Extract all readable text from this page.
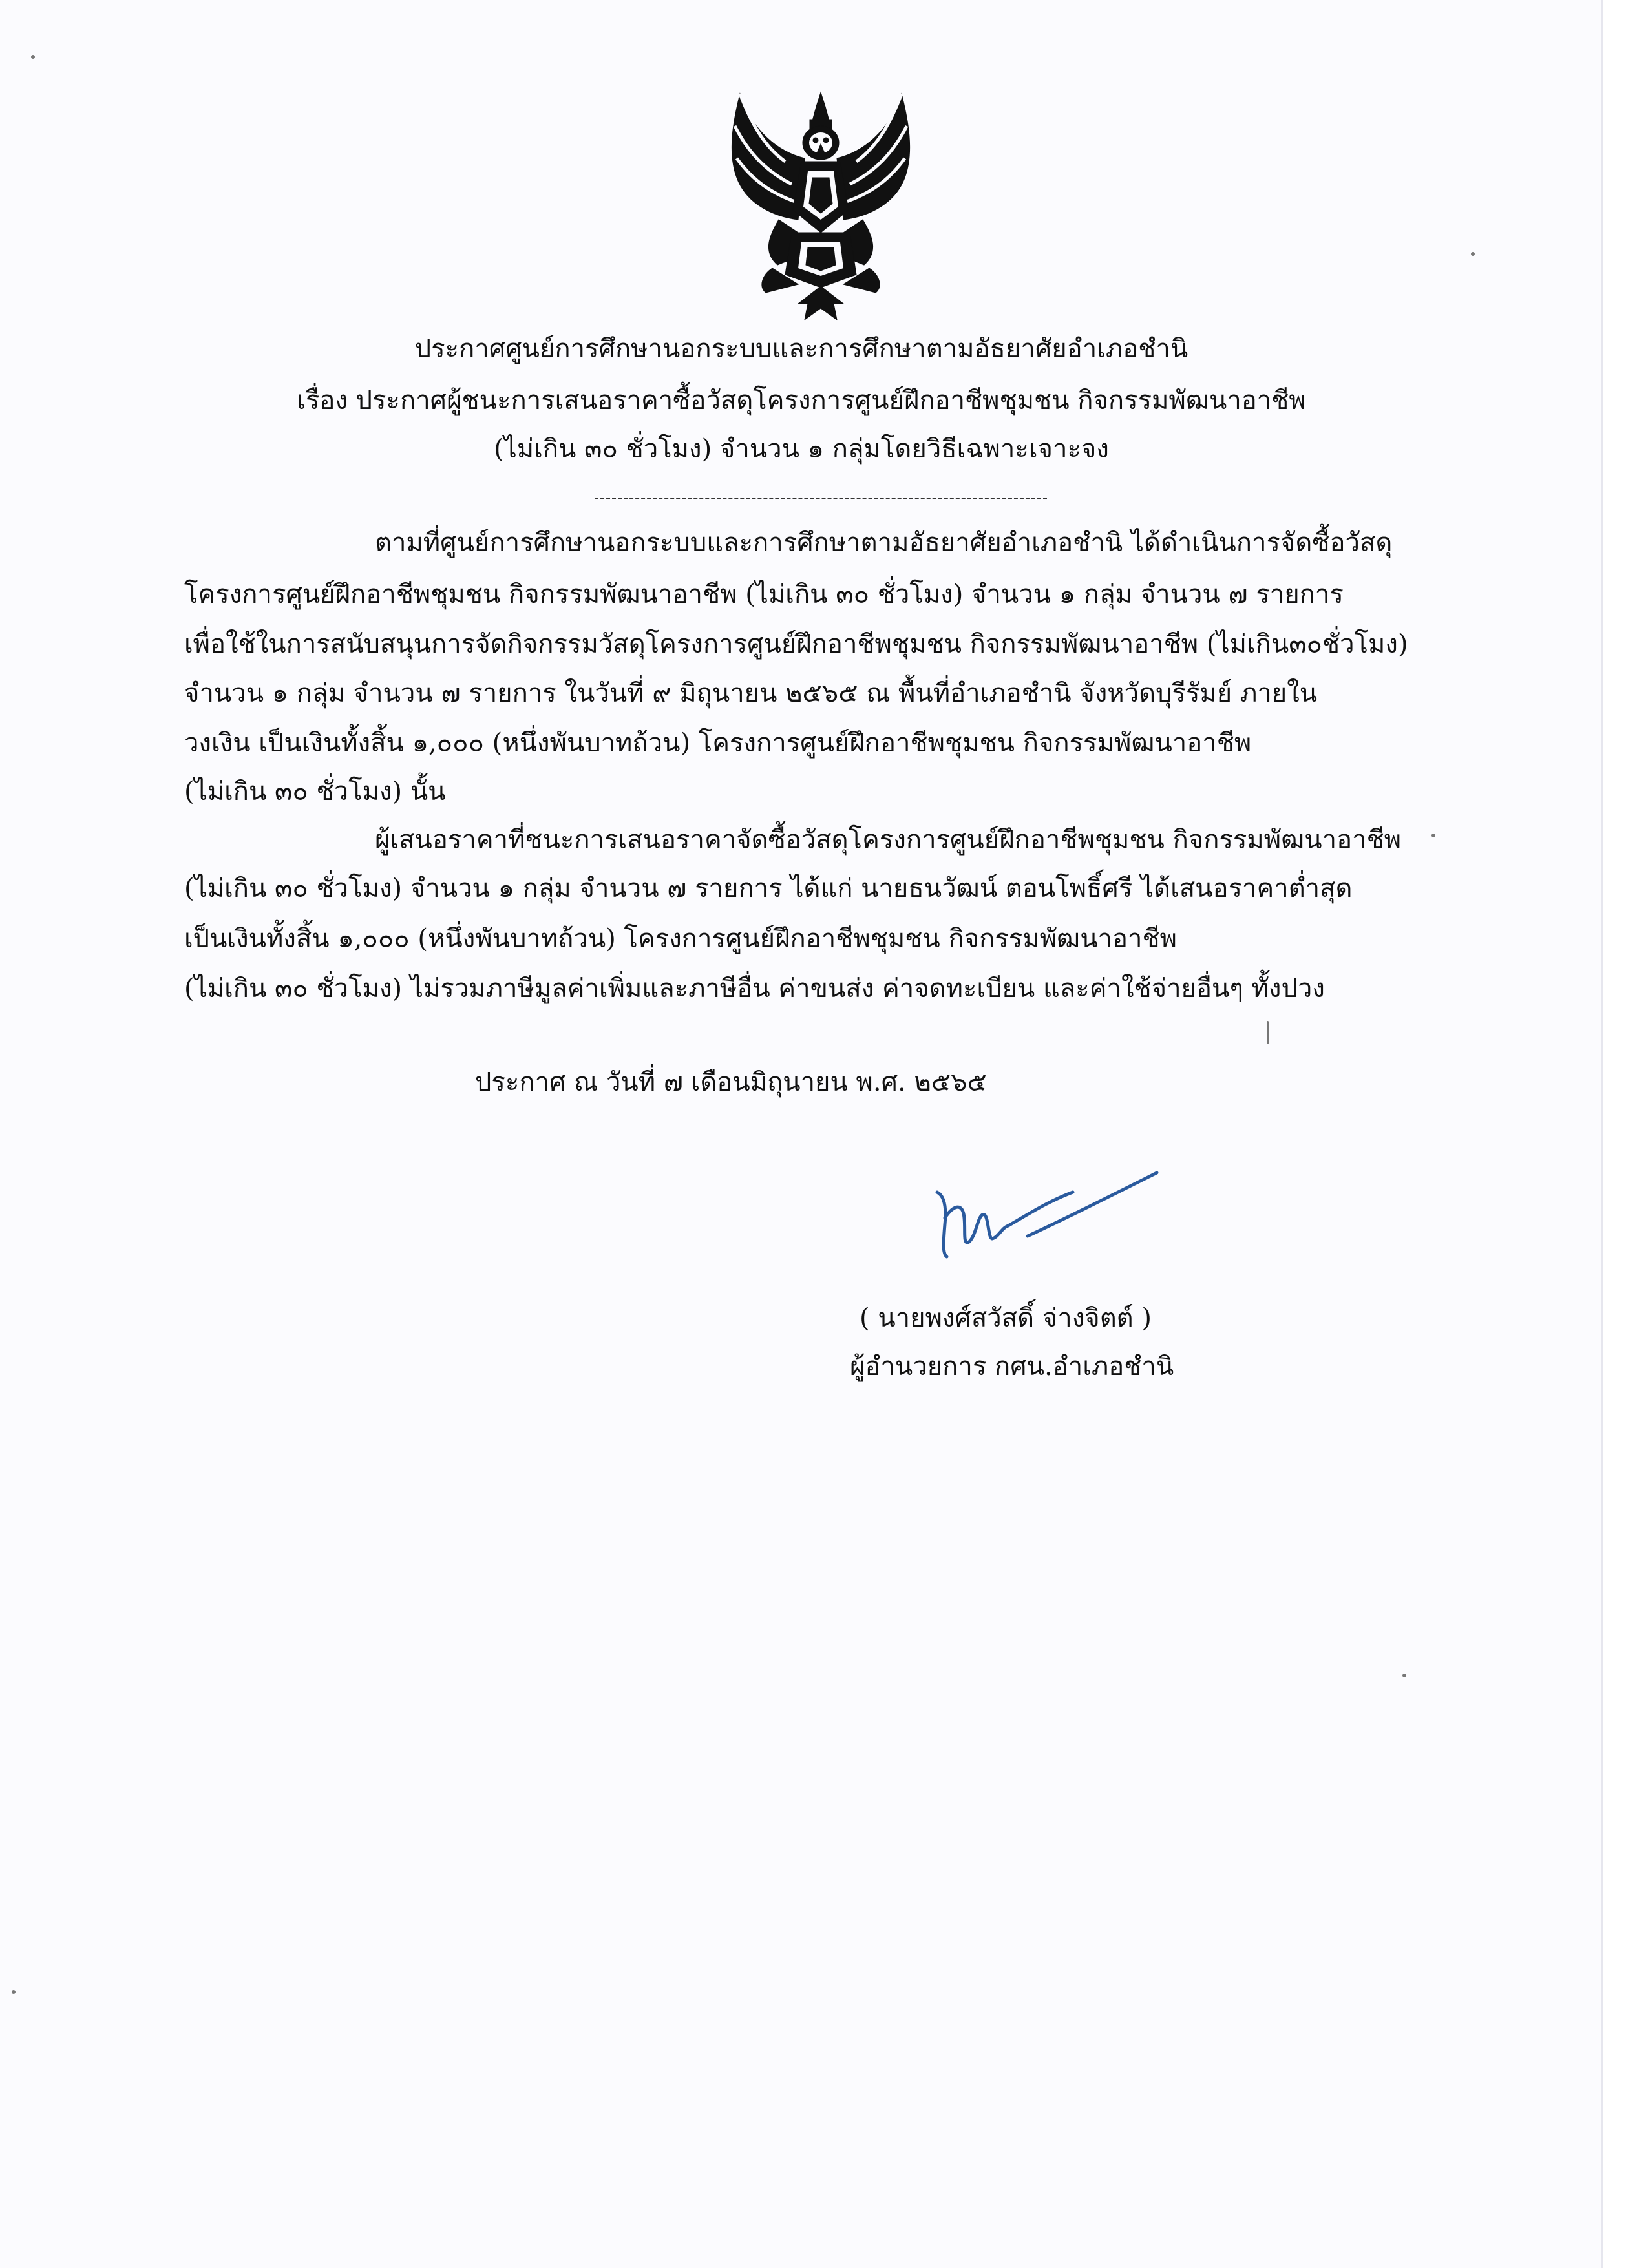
ประกาศศูนย์การศึกษานอกระบบและการศึกษาตามอัธยาศัยอำเภอชำนิ
เรื่อง ประกาศผู้ชนะการเสนอราคาซื้อวัสดุโครงการศูนย์ฝึกอาชีพชุมชน กิจกรรมพัฒนาอาชีพ
(ไม่เกิน ๓๐ ชั่วโมง) จำนวน ๑ กลุ่มโดยวิธีเฉพาะเจาะจง
ตามที่ศูนย์การศึกษานอกระบบและการศึกษาตามอัธยาศัยอำเภอชำนิ ได้ดำเนินการจัดซื้อวัสดุ
โครงการศูนย์ฝึกอาชีพชุมชน กิจกรรมพัฒนาอาชีพ (ไม่เกิน ๓๐ ชั่วโมง) จำนวน ๑ กลุ่ม จำนวน ๗ รายการ
เพื่อใช้ในการสนับสนุนการจัดกิจกรรมวัสดุโครงการศูนย์ฝึกอาชีพชุมชน กิจกรรมพัฒนาอาชีพ (ไม่เกิน๓๐ชั่วโมง)
จำนวน ๑ กลุ่ม จำนวน ๗ รายการ ในวันที่ ๙ มิถุนายน ๒๕๖๕ ณ พื้นที่อำเภอชำนิ จังหวัดบุรีรัมย์ ภายใน
วงเงิน เป็นเงินทั้งสิ้น ๑,๐๐๐ (หนึ่งพันบาทถ้วน) โครงการศูนย์ฝึกอาชีพชุมชน กิจกรรมพัฒนาอาชีพ
(ไม่เกิน ๓๐ ชั่วโมง) นั้น
ผู้เสนอราคาที่ชนะการเสนอราคาจัดซื้อวัสดุโครงการศูนย์ฝึกอาชีพชุมชน กิจกรรมพัฒนาอาชีพ
(ไม่เกิน ๓๐ ชั่วโมง) จำนวน ๑ กลุ่ม จำนวน ๗ รายการ ได้แก่ นายธนวัฒน์ ตอนโพธิ์ศรี ได้เสนอราคาต่ำสุด
เป็นเงินทั้งสิ้น ๑,๐๐๐ (หนึ่งพันบาทถ้วน) โครงการศูนย์ฝึกอาชีพชุมชน กิจกรรมพัฒนาอาชีพ
(ไม่เกิน ๓๐ ชั่วโมง) ไม่รวมภาษีมูลค่าเพิ่มและภาษีอื่น ค่าขนส่ง ค่าจดทะเบียน และค่าใช้จ่ายอื่นๆ ทั้งปวง
ประกาศ ณ วันที่ ๗ เดือนมิถุนายน พ.ศ. ๒๕๖๕
( นายพงศ์สวัสดิ์ จ่างจิตต์ )
ผู้อำนวยการ กศน.อำเภอชำนิ
